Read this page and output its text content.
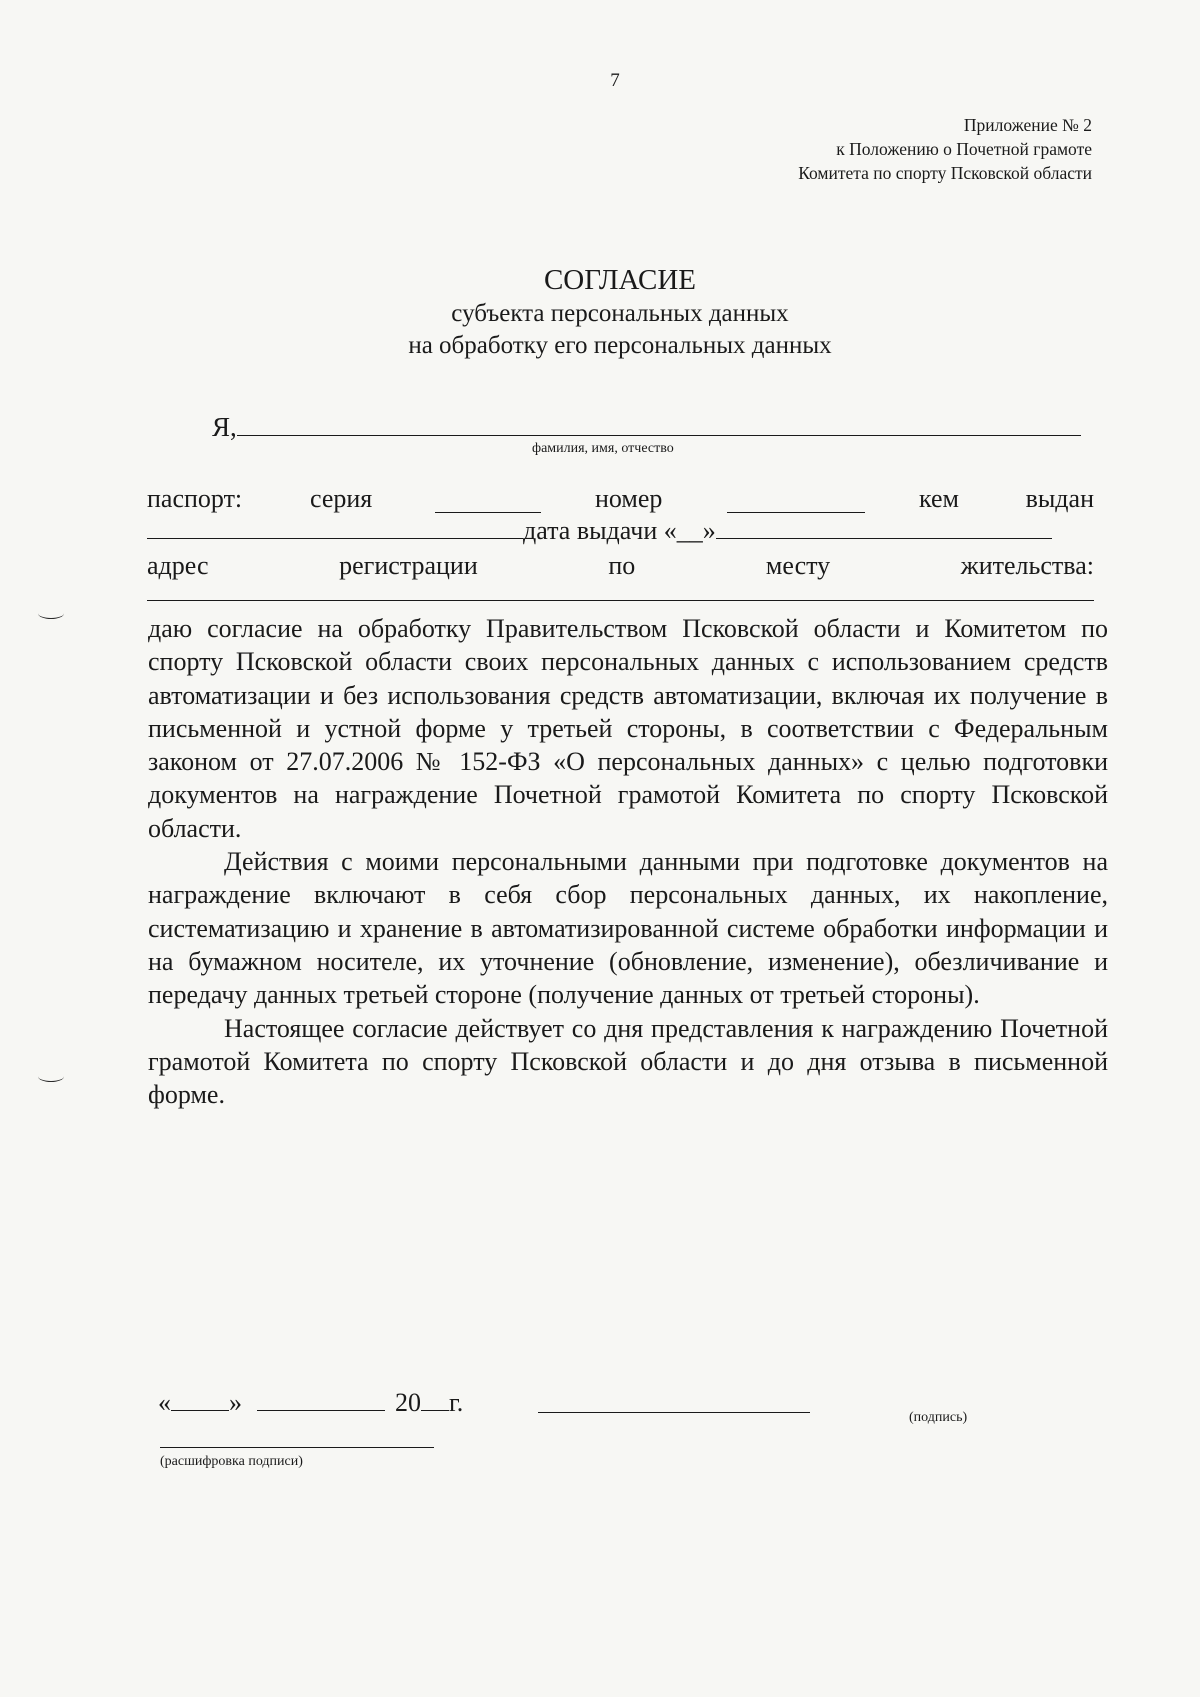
7
Приложение № 2
к Положению о Почетной грамоте
Комитета по спорту Псковской области
СОГЛАСИЕ
субъекта персональных данных
на обработку его персональных данных
Я,
фамилия, имя, отчество
паспорт:	серия	номер	кем	выдан
дата выдачи «__»
адрес	регистрации	по	месту	жительства:

даю согласие на обработку Правительством Псковской области и Комитетом по спорту Псковской области своих персональных данных с использованием средств автоматизации и без использования средств автоматизации, включая их получение в письменной и устной форме у третьей стороны, в соответствии с Федеральным законом от 27.07.2006 № 152-ФЗ «О персональных данных» с целью подготовки документов на награждение Почетной грамотой Комитета по спорту Псковской области.

Действия с моими персональными данными при подготовке документов на награждение включают в себя сбор персональных данных, их накопление, систематизацию и хранение в автоматизированной системе обработки информации и на бумажном носителе, их уточнение (обновление, изменение), обезличивание и передачу данных третьей стороне (получение данных от третьей стороны).

Настоящее согласие действует со дня представления к награждению Почетной грамотой Комитета по спорту Псковской области и до дня отзыва в письменной форме.

« »	20 г.
(подпись)
(расшифровка подписи)
